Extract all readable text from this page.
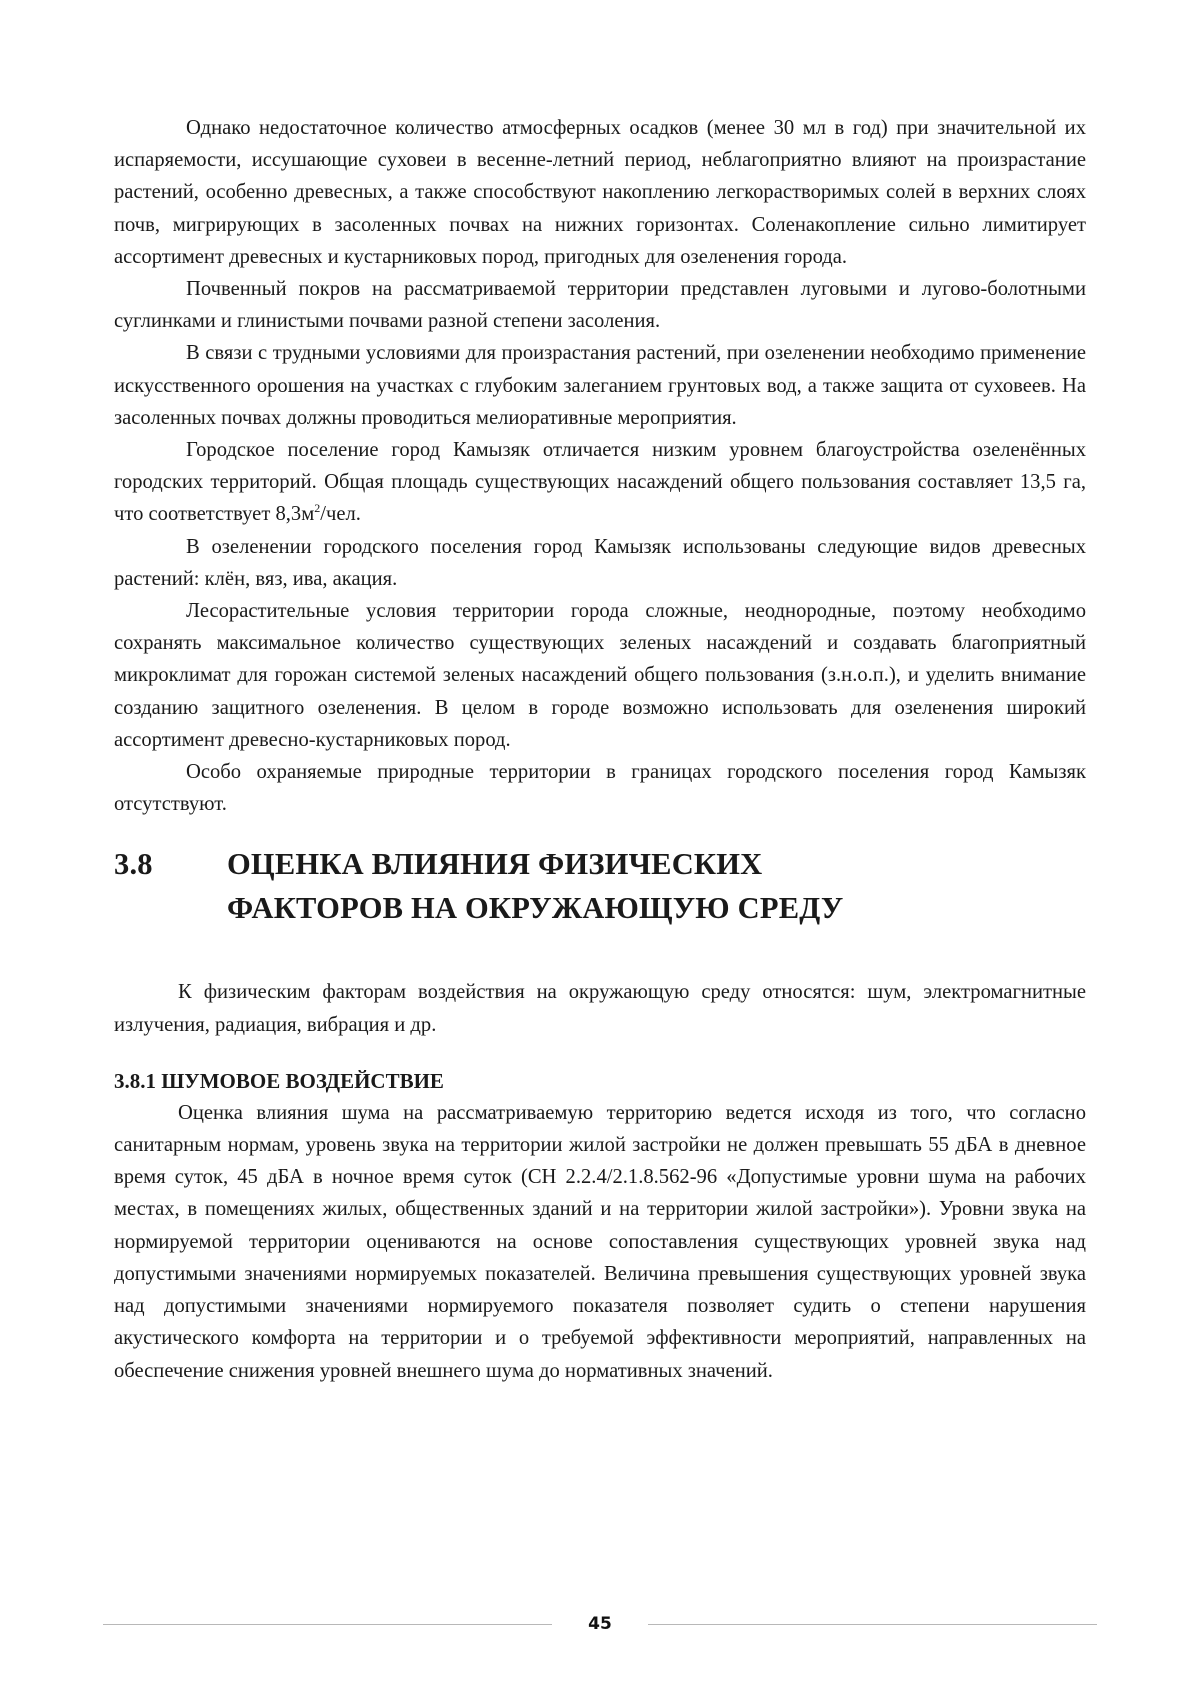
Однако недостаточное количество атмосферных осадков (менее 30 мл в год) при значительной их испаряемости, иссушающие суховеи в весенне-летний период, неблагоприятно влияют на произрастание растений, особенно древесных, а также способствуют накоплению легкорастворимых солей в верхних слоях почв, мигрирующих в засоленных почвах на нижних горизонтах. Соленакопление сильно лимитирует ассортимент древесных и кустарниковых пород, пригодных для озеленения города.

Почвенный покров на рассматриваемой территории представлен луговыми и лугово-болотными суглинками и глинистыми почвами разной степени засоления.

В связи с трудными условиями для произрастания растений, при озеленении необходимо применение искусственного орошения на участках с глубоким залеганием грунтовых вод, а также защита от суховеев. На засоленных почвах должны проводиться мелиоративные мероприятия.

Городское поселение город Камызяк отличается низким уровнем благоустройства озеленённых городских территорий. Общая площадь существующих насаждений общего пользования составляет 13,5 га, что соответствует $8,3м^2$/чел.

В озеленении городского поселения город Камызяк использованы следующие видов древесных растений: клён, вяз, ива, акация.

Лесорастительные условия территории города сложные, неоднородные, поэтому необходимо сохранять максимальное количество существующих зеленых насаждений и создавать благоприятный микроклимат для горожан системой зеленых насаждений общего пользования (з.н.о.п.), и уделить внимание созданию защитного озеленения. В целом в городе возможно использовать для озеленения широкий ассортимент древесно-кустарниковых пород.

Особо охраняемые природные территории в границах городского поселения город Камызяк отсутствуют.

3.8	ОЦЕНКА ВЛИЯНИЯ ФИЗИЧЕСКИХ
ФАКТОРОВ НА ОКРУЖАЮЩУЮ СРЕДУ

К физическим факторам воздействия на окружающую среду относятся: шум, электромагнитные излучения, радиация, вибрация и др.

3.8.1 ШУМОВОЕ ВОЗДЕЙСТВИЕ

Оценка влияния шума на рассматриваемую территорию ведется исходя из того, что согласно санитарным нормам, уровень звука на территории жилой застройки не должен превышать 55 дБА в дневное время суток, 45 дБА в ночное время суток (СН 2.2.4/2.1.8.562-96 «Допустимые уровни шума на рабочих местах, в помещениях жилых, общественных зданий и на территории жилой застройки»). Уровни звука на нормируемой территории оцениваются на основе сопоставления существующих уровней звука над допустимыми значениями нормируемых показателей. Величина превышения существующих уровней звука над допустимыми значениями нормируемого показателя позволяет судить о степени нарушения акустического комфорта на территории и о требуемой эффективности мероприятий, направленных на обеспечение снижения уровней внешнего шума до нормативных значений.

45
